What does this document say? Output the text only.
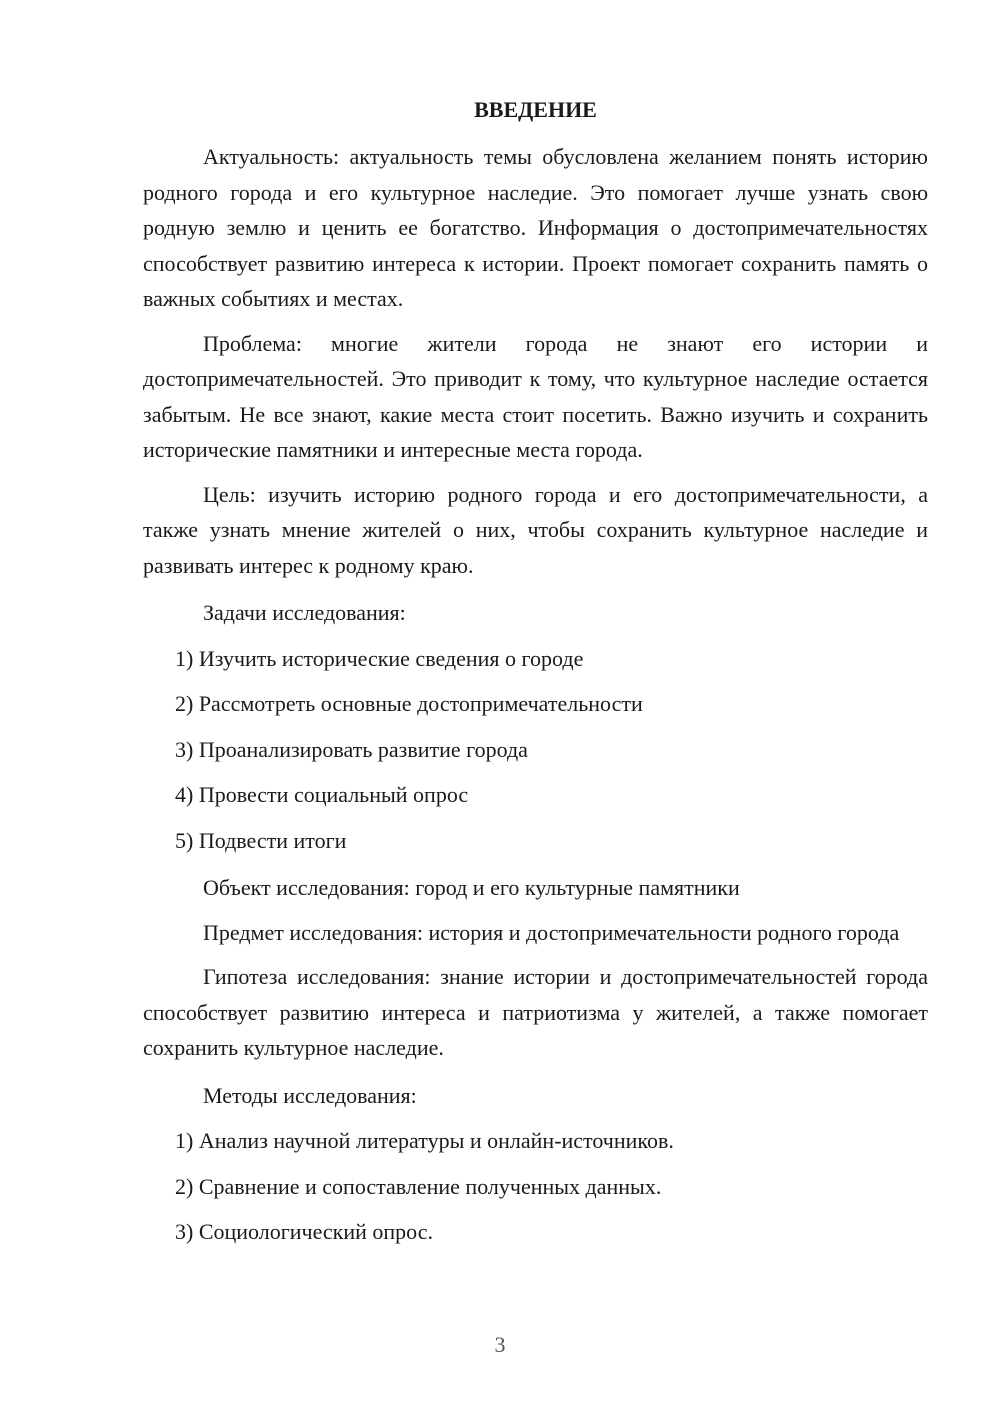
ВВЕДЕНИЕ

Актуальность: актуальность темы обусловлена желанием понять историю родного города и его культурное наследие. Это помогает лучше узнать свою родную землю и ценить ее богатство. Информация о достопримечательностях способствует развитию интереса к истории. Проект помогает сохранить память о важных событиях и местах.

Проблема: многие жители города не знают его истории и достопримечательностей. Это приводит к тому, что культурное наследие остается забытым. Не все знают, какие места стоит посетить. Важно изучить и сохранить исторические памятники и интересные места города.

Цель: изучить историю родного города и его достопримечательности, а также узнать мнение жителей о них, чтобы сохранить культурное наследие и развивать интерес к родному краю.

Задачи исследования:

1) Изучить исторические сведения о городе
2) Рассмотреть основные достопримечательности
3) Проанализировать развитие города
4) Провести социальный опрос
5) Подвести итоги

Объект исследования: город и его культурные памятники

Предмет исследования: история и достопримечательности родного города

Гипотеза исследования: знание истории и достопримечательностей города способствует развитию интереса и патриотизма у жителей, а также помогает сохранить культурное наследие.

Методы исследования:

1) Анализ научной литературы и онлайн-источников.
2) Сравнение и сопоставление полученных данных.
3) Социологический опрос.
3
